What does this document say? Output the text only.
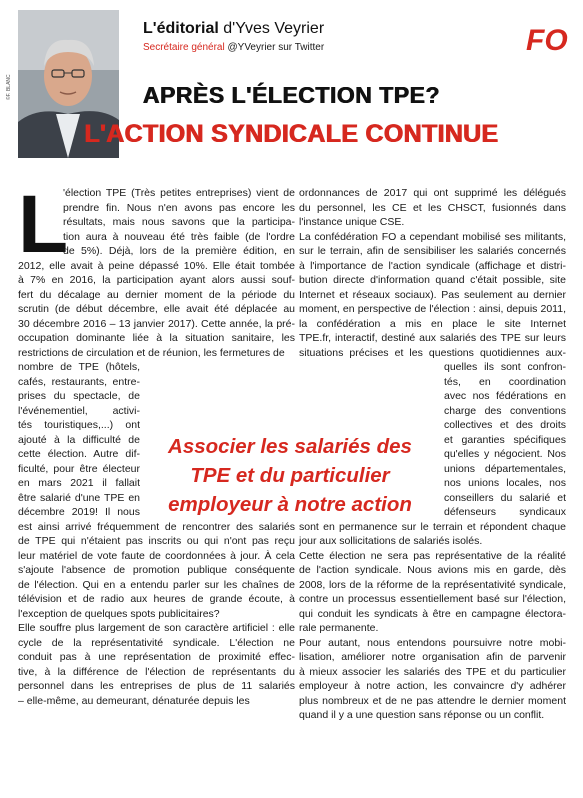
©F. BLANC
L'éditorial d'Yves Veyrier
Secrétaire général @YVeyrier sur Twitter	FO
APRÈS L'ÉLECTION TPE?
L'ACTION SYNDICALE CONTINUE
L
Associer les salariés des
TPE et du particulier
employeur à notre action
'élection TPE (Très petites entreprises) vient de
prendre fin. Nous n'en avons pas encore les
résultats, mais nous savons que la participa-
tion aura à nouveau été très faible (de l'ordre
de 5%). Déjà, lors de la première édition, en
2012, elle avait à peine dépassé 10%. Elle était tombée
à 7% en 2016, la participation ayant alors aussi souf-
fert du décalage au dernier moment de la période du
scrutin (de début décembre, elle avait été déplacée au
30 décembre 2016 – 13 janvier 2017). Cette année, la pré-
occupation dominante liée à la situation sanitaire, les
restrictions de circulation et de réunion, les fermetures de
nombre de TPE (hôtels,
cafés, restaurants, entre-
prises du spectacle, de
l'événementiel, activi-
tés touristiques,...) ont
ajouté à la difficulté de
cette élection. Autre dif-
ficulté, pour être électeur
en mars 2021 il fallait
être salarié d'une TPE en
décembre 2019! Il nous
est ainsi arrivé fréquemment de rencontrer des salariés
de TPE qui n'étaient pas inscrits ou qui n'ont pas reçu
leur matériel de vote faute de coordonnées à jour. À cela
s'ajoute l'absence de promotion publique conséquente
de l'élection. Qui en a entendu parler sur les chaînes de
télévision et de radio aux heures de grande écoute, à
l'exception de quelques spots publicitaires?
Elle souffre plus largement de son caractère artificiel : elle
cycle de la représentativité syndicale. L'élection ne
conduit pas à une représentation de proximité effec-
tive, à la différence de l'élection de représentants du
personnel dans les entreprises de plus de 11 salariés
– elle-même, au demeurant, dénaturée depuis les
ordonnances de 2017 qui ont supprimé les délégués
du personnel, les CE et les CHSCT, fusionnés dans
l'instance unique CSE.
La confédération FO a cependant mobilisé ses militants,
sur le terrain, afin de sensibiliser les salariés concernés
à l'importance de l'action syndicale (affichage et distri-
bution directe d'information quand c'était possible, site
Internet et réseaux sociaux). Pas seulement au dernier
moment, en perspective de l'élection : ainsi, depuis 2011,
la confédération a mis en place le site Internet
TPE.fr, interactif, destiné aux salariés des TPE sur leurs
situations précises et les questions quotidiennes aux-
quelles ils sont confron-
tés, en coordination
avec nos fédérations en
charge des conventions
collectives et des droits
et garanties spécifiques
qu'elles y négocient. Nos
unions départementales,
nos unions locales, nos
conseillers du salarié et
défenseurs syndicaux
sont en permanence sur le terrain et répondent chaque
jour aux sollicitations de salariés isolés.
Cette élection ne sera pas représentative de la réalité
de l'action syndicale. Nous avions mis en garde, dès
2008, lors de la réforme de la représentativité syndicale,
contre un processus essentiellement basé sur l'élection,
qui conduit les syndicats à être en campagne électora-
rale permanente.
Pour autant, nous entendons poursuivre notre mobi-
lisation, améliorer notre organisation afin de parvenir
à mieux associer les salariés des TPE et du particulier
employeur à notre action, les convaincre d'y adhérer
plus nombreux et de ne pas attendre le dernier moment
quand il y a une question sans réponse ou un conflit.
